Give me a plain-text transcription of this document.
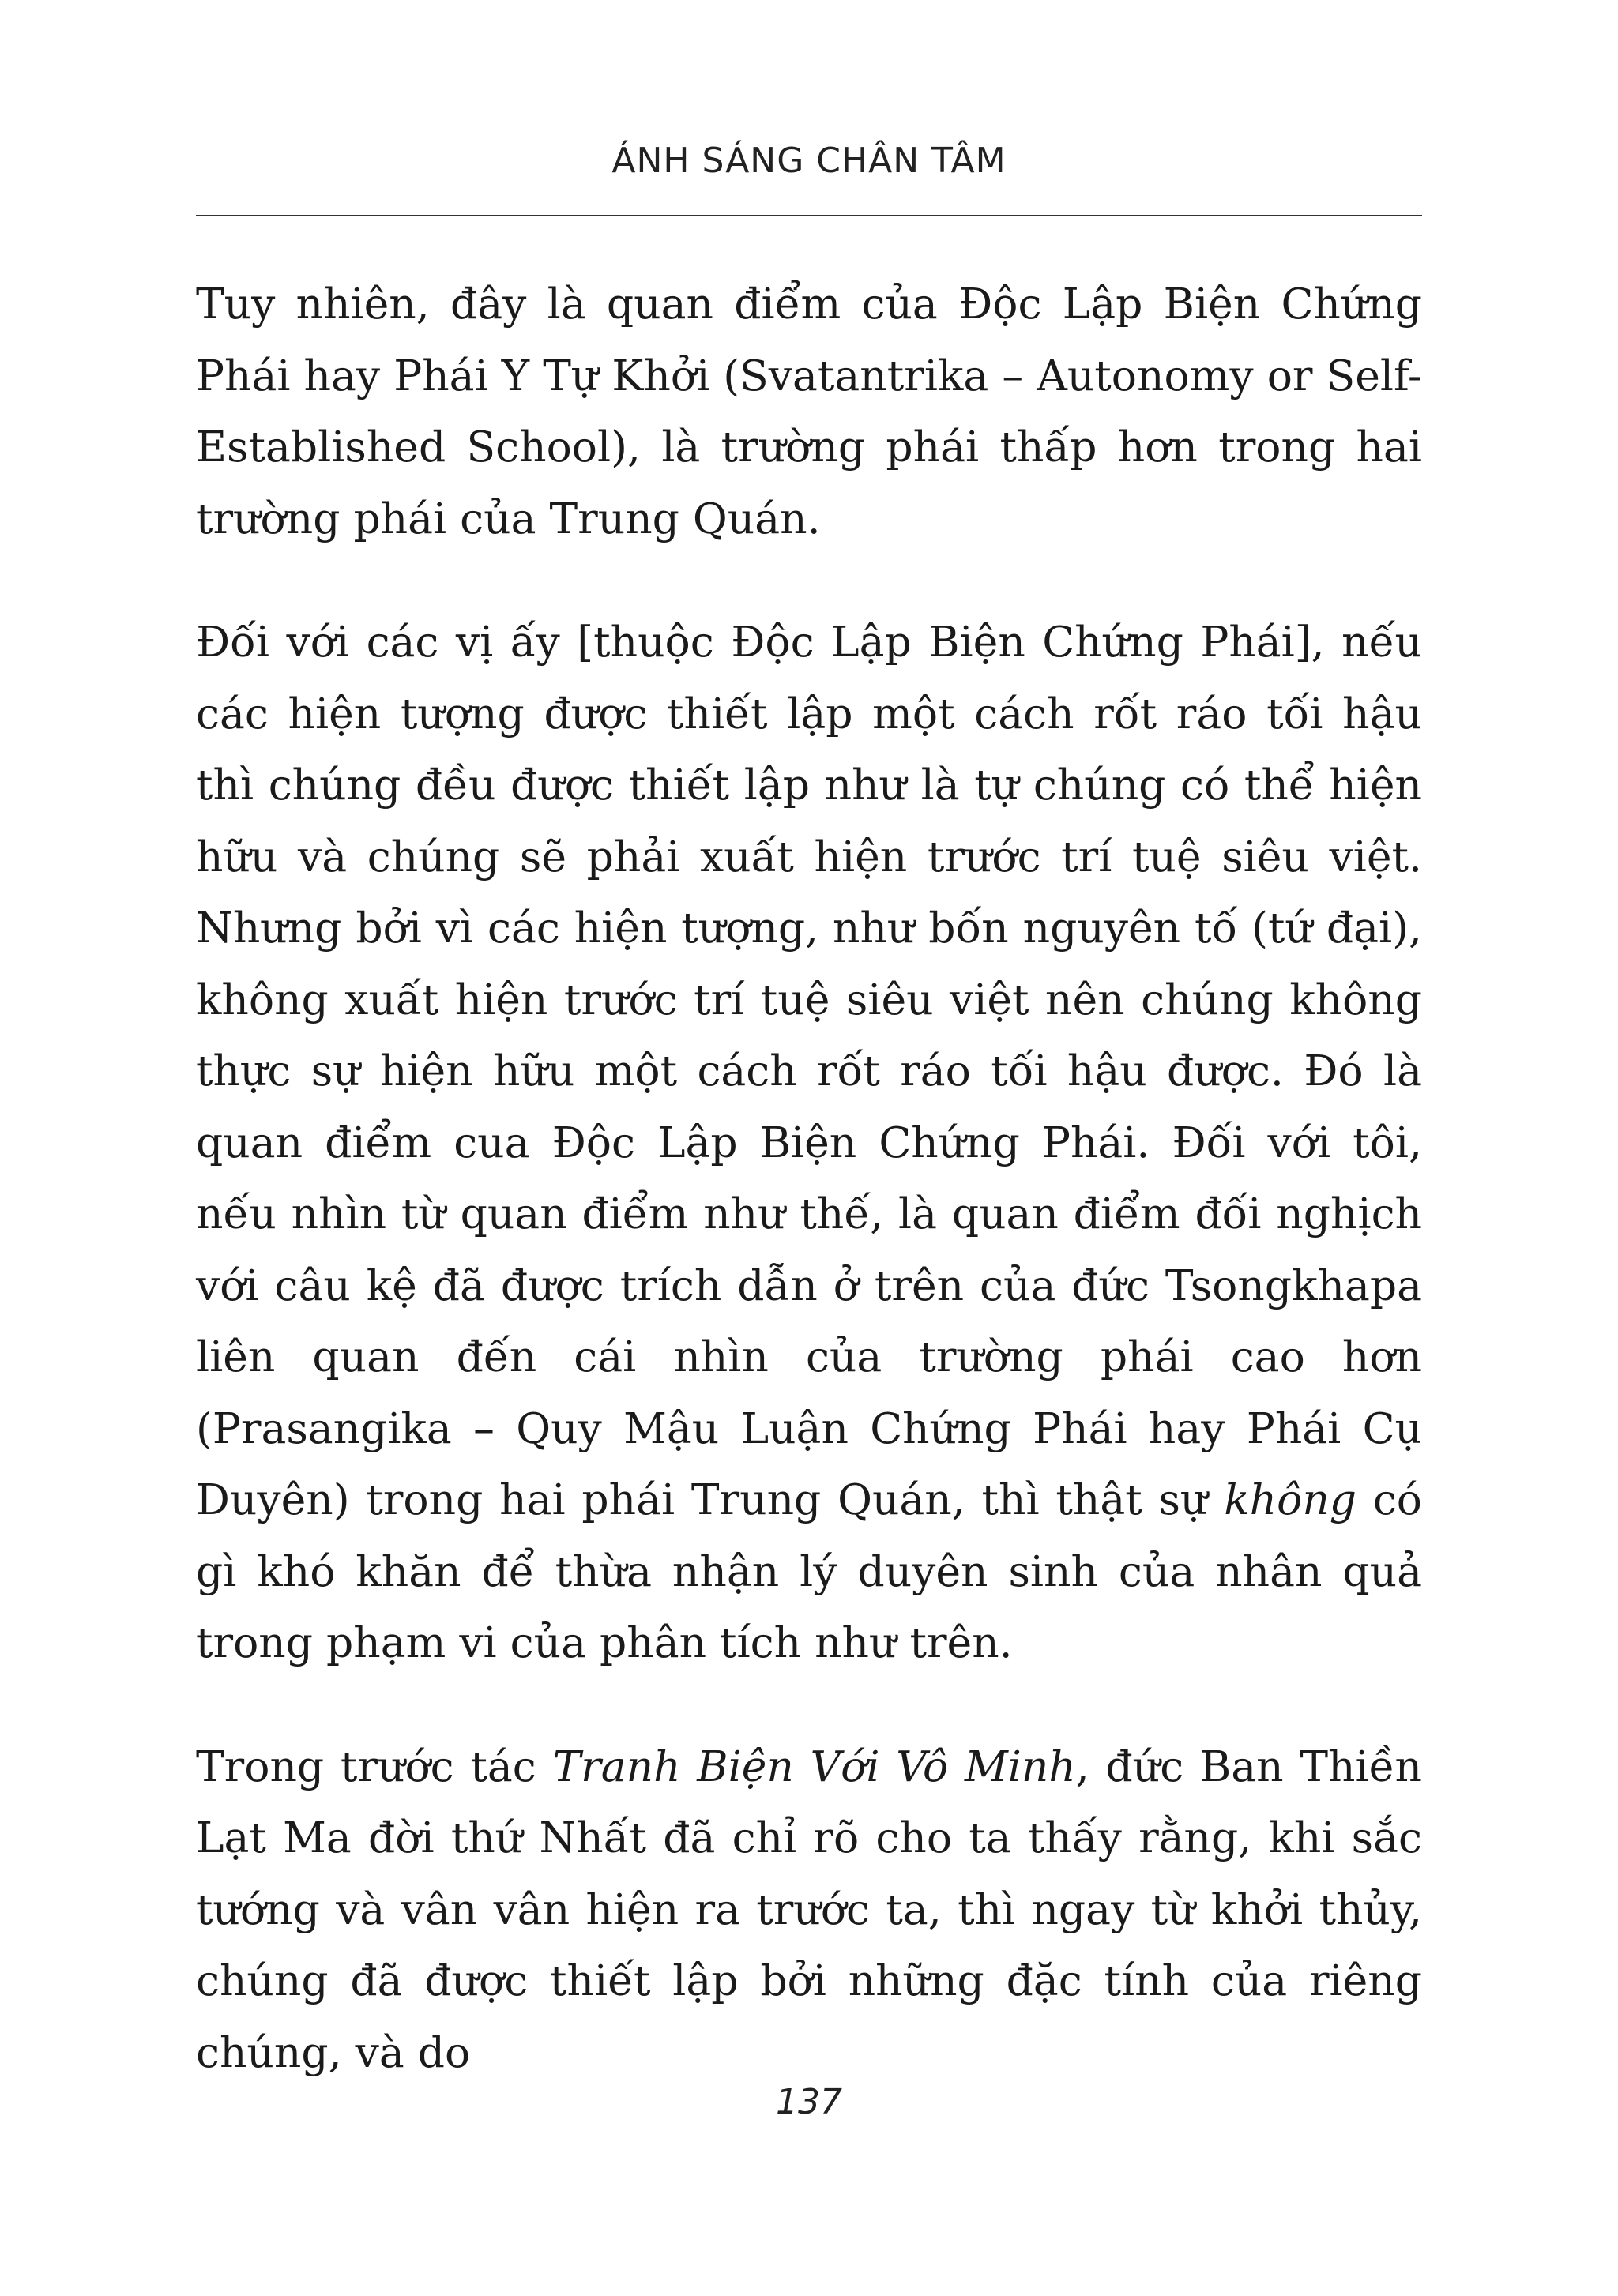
ÁNH SÁNG CHÂN TÂM

Tuy nhiên, đây là quan điểm của Độc Lập Biện Chứng Phái hay Phái Y Tự Khởi (Svatantrika – Autonomy or Self-Established School), là trường phái thấp hơn trong hai trường phái của Trung Quán.

Đối với các vị ấy [thuộc Độc Lập Biện Chứng Phái], nếu các hiện tượng được thiết lập một cách rốt ráo tối hậu thì chúng đều được thiết lập như là tự chúng có thể hiện hữu và chúng sẽ phải xuất hiện trước trí tuệ siêu việt. Nhưng bởi vì các hiện tượng, như bốn nguyên tố (tứ đại), không xuất hiện trước trí tuệ siêu việt nên chúng không thực sự hiện hữu một cách rốt ráo tối hậu được. Đó là quan điểm cua Độc Lập Biện Chứng Phái. Đối với tôi, nếu nhìn từ quan điểm như thế, là quan điểm đối nghịch với câu kệ đã được trích dẫn ở trên của đức Tsongkhapa liên quan đến cái nhìn của trường phái cao hơn (Prasangika – Quy Mậu Luận Chứng Phái hay Phái Cụ Duyên) trong hai phái Trung Quán, thì thật sự không có gì khó khăn để thừa nhận lý duyên sinh của nhân quả trong phạm vi của phân tích như trên.

Trong trước tác Tranh Biện Với Vô Minh, đức Ban Thiền Lạt Ma đời thứ Nhất đã chỉ rõ cho ta thấy rằng, khi sắc tướng và vân vân hiện ra trước ta, thì ngay từ khởi thủy, chúng đã được thiết lập bởi những đặc tính của riêng chúng, và do

137
